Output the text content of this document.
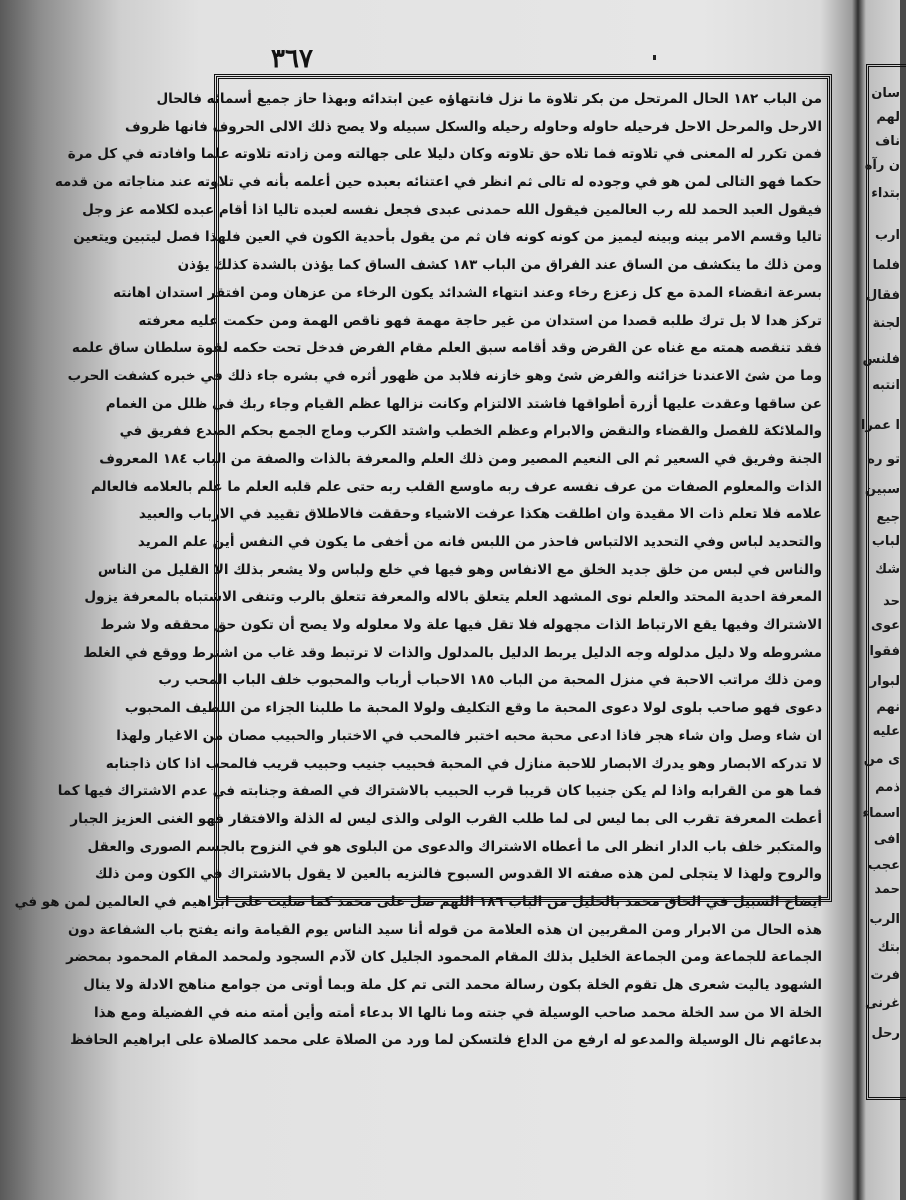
٣٦٧
من الباب ١٨٢ الحال المرتحل من بكر تلاوة ما نزل فانتهاؤه عين ابتدائه وبهذا حاز جميع أسمائه فالحال
الارحل والمرحل الاحل فرحيله حاوله وحاوله رحيله والسكل سبيله ولا يصح ذلك الالى الحروف فانها ظروف
فمن تكرر له المعنى في تلاوته فما تلاه حق تلاوته وكان دليلا على جهالته ومن زادته تلاوته علما وافادته في كل مرة
حكما فهو التالى لمن هو في وجوده له تالى ثم انظر في اعتنائه بعبده حين أعلمه بأنه في تلاوته عند مناجاته من قدمه
فيقول العبد الحمد لله رب العالمين فيقول الله حمدنى عبدى فجعل نفسه لعبده تاليا اذا أقام عبده لكلامه عز وجل
تاليا وقسم الامر بينه وبينه ليميز من كونه كونه فان ثم من يقول بأحدية الكون في العين فلهذا فصل ليتبين ويتعين
ومن ذلك ما ينكشف من الساق عند الفراق من الباب ١٨٣ كشف الساق كما يؤذن بالشدة كذلك يؤذن
بسرعة انقضاء المدة مع كل زعزع رخاء وعند انتهاء الشدائد يكون الرخاء من عزهان ومن افتقر استدان اهانته
تركز هدا لا بل ترك طلبه قصدا من استدان من غير حاجة مهمة فهو ناقص الهمة ومن حكمت عليه معرفته
فقد تنقصه همته مع غناه عن القرض وقد أقامه سبق العلم مقام الفرض فدخل تحت حكمه لقوة سلطان ساق علمه
وما من شئ الاعندنا خزائنه والفرض شئ وهو خازنه فلابد من ظهور أثره في بشره جاء ذلك في خبره كشفت الحرب
عن ساقها وعقدت عليها أزرة أطواقها فاشتد الالتزام وكانت نزالها عظم القيام وجاء ربك في ظلل من الغمام
والملائكة للفصل والقضاء والنقض والابرام وعظم الخطب واشتد الكرب وماج الجمع بحكم الصدع ففريق في
الجنة وفريق في السعير ثم الى النعيم المصير ومن ذلك العلم والمعرفة بالذات والصفة من الباب ١٨٤ المعروف
الذات والمعلوم الصفات من عرف نفسه عرف ربه ماوسع القلب ربه حتى علم قلبه العلم ما علم بالعلامه فالعالم
علامه فلا تعلم ذات الا مقيدة وان اطلقت هكذا عرفت الاشياء وحققت فالاطلاق تقييد في الارباب والعبيد
والتحديد لباس وفي التحديد الالتباس فاحذر من اللبس فانه من أخفى ما يكون في النفس أين علم المريد
والناس في لبس من خلق جديد الخلق مع الانفاس وهو فيها في خلع ولباس ولا يشعر بذلك الا القليل من الناس
المعرفة احدية المحتد والعلم نوى المشهد العلم يتعلق بالاله والمعرفة تتعلق بالرب وتنفى الاشتباه بالمعرفة يزول
الاشتراك وفيها يقع الارتباط الذات مجهوله فلا تقل فيها علة ولا معلوله ولا يصح أن تكون حق محققه ولا شرط
مشروطه ولا دليل مدلوله وجه الدليل يربط الدليل بالمدلول والذات لا ترتبط وقد غاب من اشترط ووقع في الغلط
ومن ذلك مراتب الاحبة في منزل المحبة من الباب ١٨٥ الاحباب أرباب والمحبوب خلف الباب المحب رب
دعوى فهو صاحب بلوى لولا دعوى المحبة ما وقع التكليف ولولا المحبة ما طلبنا الجزاء من اللطيف المحبوب
ان شاء وصل وان شاء هجر فاذا ادعى محبة محبه اختبر فالمحب في الاختبار والحبيب مصان من الاغيار ولهذا
لا تدركه الابصار وهو يدرك الابصار للاحبة منازل في المحبة فحبيب جنيب وحبيب قريب فالمحب اذا كان ذاجنابه
فما هو من القرابه واذا لم يكن جنيبا كان قريبا قرب الحبيب بالاشتراك في الصفة وجنابته في عدم الاشتراك فيها كما
أعطت المعرفة تقرب الى بما ليس لى لما طلب القرب الولى والذى ليس له الذلة والافتقار فهو الغنى العزيز الجبار
والمتكبر خلف باب الدار انظر الى ما أعطاه الاشتراك والدعوى من البلوى هو في النزوح بالجسم الصورى والعقل
والروح ولهذا لا يتجلى لمن هذه صفته الا القدوس السبوح فالنزيه بالعين لا يقول بالاشتراك في الكون ومن ذلك
ايضاح السبيل في الحاق محمد بالخليل من الباب ١٨٦ اللهم صل على محمد كما صليت على ابراهيم في العالمين لمن هو في
هذه الحال من الابرار ومن المقربين ان هذه العلامة من قوله أنا سيد الناس يوم القيامة وانه يفتح باب الشفاعة دون
الجماعة للجماعة ومن الجماعة الخليل بذلك المقام المحمود الجليل كان لآدم السجود ولمحمد المقام المحمود بمحضر
الشهود ياليت شعرى هل تقوم الخلة بكون رسالة محمد التى تم كل ملة وبما أوتى من جوامع مناهج الادلة ولا ينال
الخلة الا من سد الخلة محمد صاحب الوسيلة في جنته وما نالها الا بدعاء أمته وأين أمته منه في الفضيلة ومع هذا
بدعائهم نال الوسيلة والمدعو له ارفع من الداع فلتسكن لما ورد من الصلاة على محمد كالصلاة على ابراهيم الحافظ
سان
لهم
ناف
ن رآه
بتداء
ارب
فلما
فقال
لجنة
فلنس
انتبه
ا عمرا
تو ره
سبين
جيع
لباب
شك
حد
عوى
فقوا
لبوار
نهم
عليه
ى من
ذمم
اسماء
افى
عجب
حمد
الرب
بتك
فرت
غرنى
رحل
